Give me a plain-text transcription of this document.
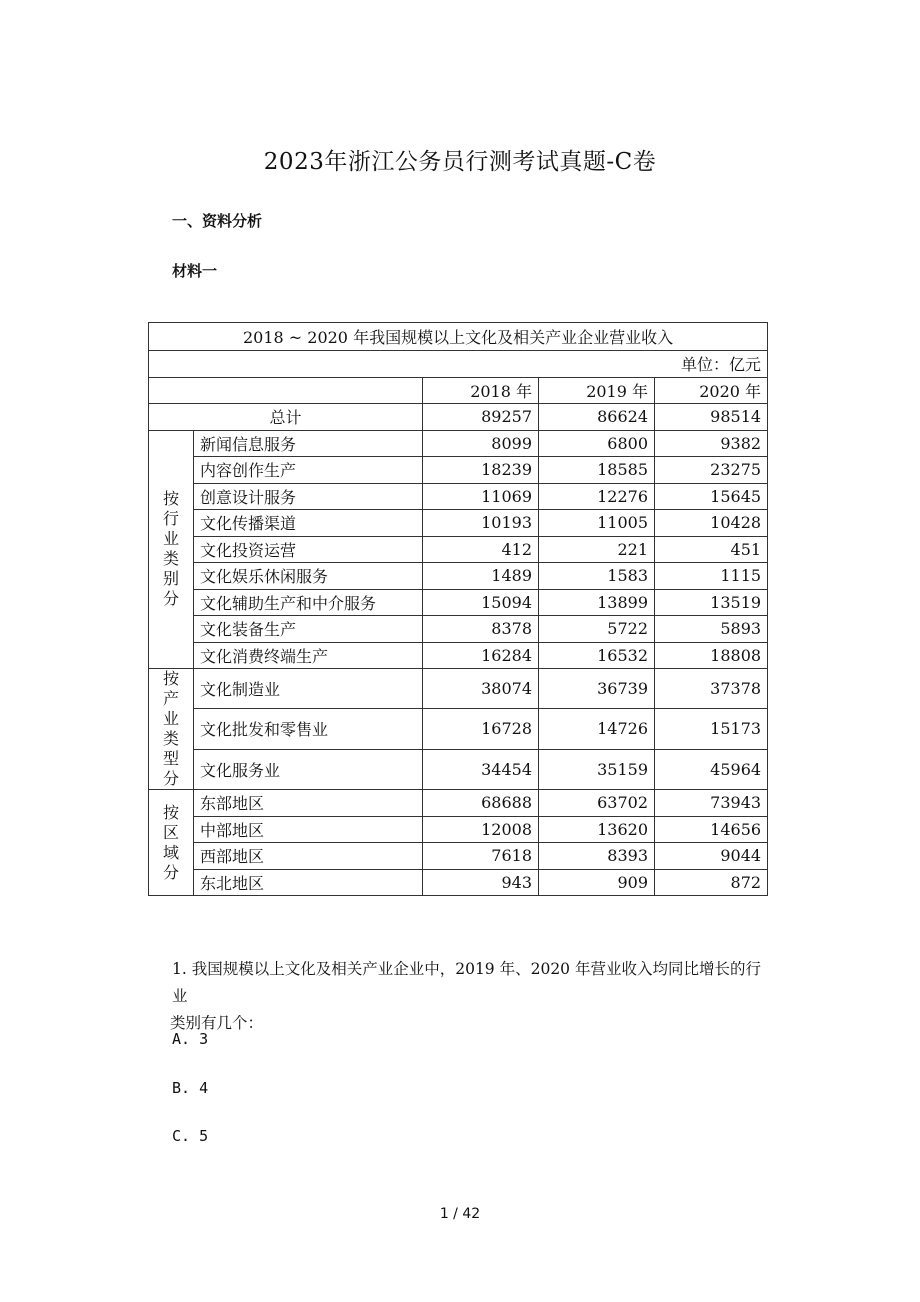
2023年浙江公务员行测考试真题-C卷
一、资料分析
材料一
2018 ~ 2020 年我国规模以上文化及相关产业企业营业收入				
单位：亿元				
		2018 年	2019 年	2020 年
总计		89257	86624	98514
按行业类别分	新闻信息服务	8099	6800	9382
	内容创作生产	18239	18585	23275
	创意设计服务	11069	12276	15645
	文化传播渠道	10193	11005	10428
	文化投资运营	412	221	451
	文化娱乐休闲服务	1489	1583	1115
	文化辅助生产和中介服务	15094	13899	13519
	文化装备生产	8378	5722	5893
	文化消费终端生产	16284	16532	18808
按产业类型分	文化制造业	38074	36739	37378
	文化批发和零售业	16728	14726	15173
	文化服务业	34454	35159	45964
按区域分	东部地区	68688	63702	73943
	中部地区	12008	13620	14656
	西部地区	7618	8393	9044
	东北地区	943	909	872
1. 我国规模以上文化及相关产业企业中，2019 年、2020 年营业收入均同比增长的行业
类别有几个：
A. 3
B. 4
C. 5
1 / 42
